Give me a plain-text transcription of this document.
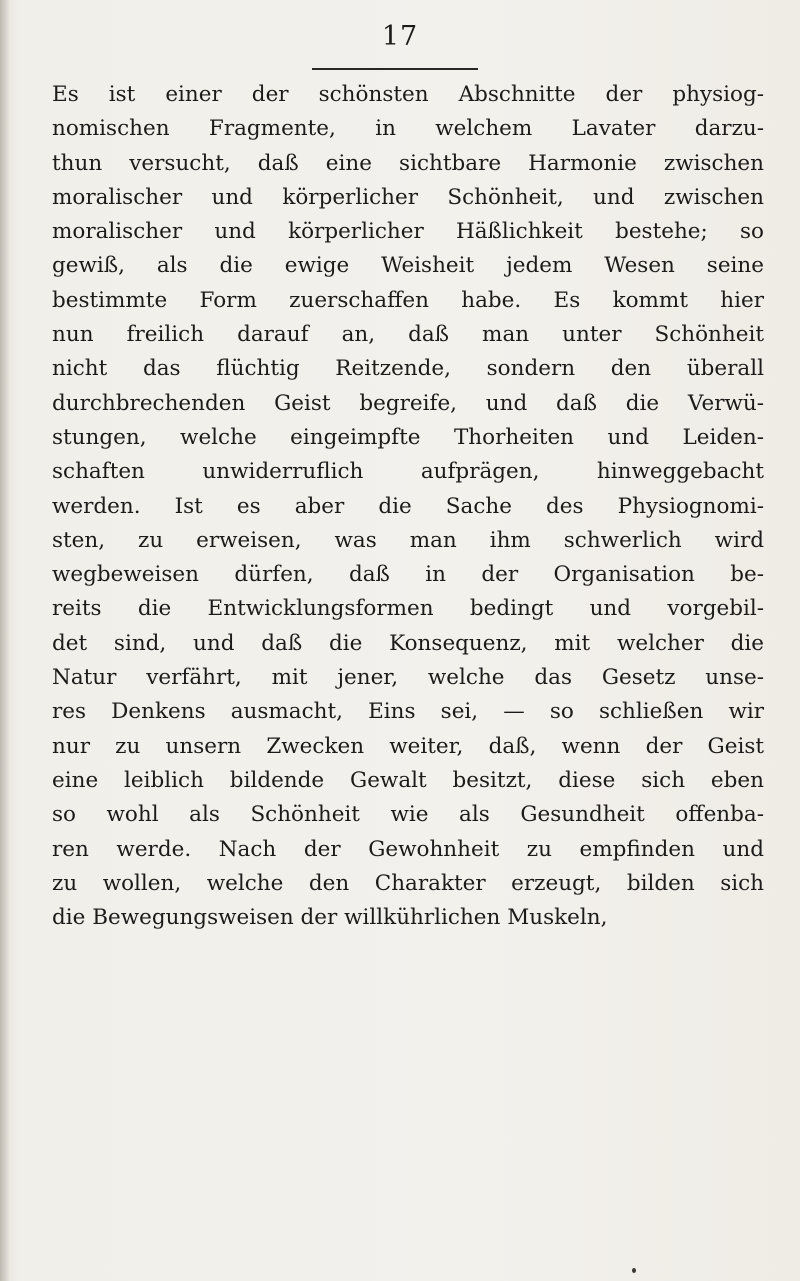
17
Es ist einer der schönsten Abschnitte der physiog-
nomischen Fragmente, in welchem Lavater darzu-
thun versucht, daß eine sichtbare Harmonie zwischen
moralischer und körperlicher Schönheit, und zwischen
moralischer und körperlicher Häßlichkeit bestehe; so
gewiß, als die ewige Weisheit jedem Wesen seine
bestimmte Form zuerschaffen habe. Es kommt hier
nun freilich darauf an, daß man unter Schönheit
nicht das flüchtig Reitzende, sondern den überall
durchbrechenden Geist begreife, und daß die Verwü-
stungen, welche eingeimpfte Thorheiten und Leiden-
schaften unwiderruflich aufprägen, hinweggebacht
werden. Ist es aber die Sache des Physiognomi-
sten, zu erweisen, was man ihm schwerlich wird
wegbeweisen dürfen, daß in der Organisation be-
reits die Entwicklungsformen bedingt und vorgebil-
det sind, und daß die Konsequenz, mit welcher die
Natur verfährt, mit jener, welche das Gesetz unse-
res Denkens ausmacht, Eins sei, — so schließen wir
nur zu unsern Zwecken weiter, daß, wenn der Geist
eine leiblich bildende Gewalt besitzt, diese sich eben
so wohl als Schönheit wie als Gesundheit offenba-
ren werde. Nach der Gewohnheit zu empfinden und
zu wollen, welche den Charakter erzeugt, bilden sich
die Bewegungsweisen der willkührlichen Muskeln,
